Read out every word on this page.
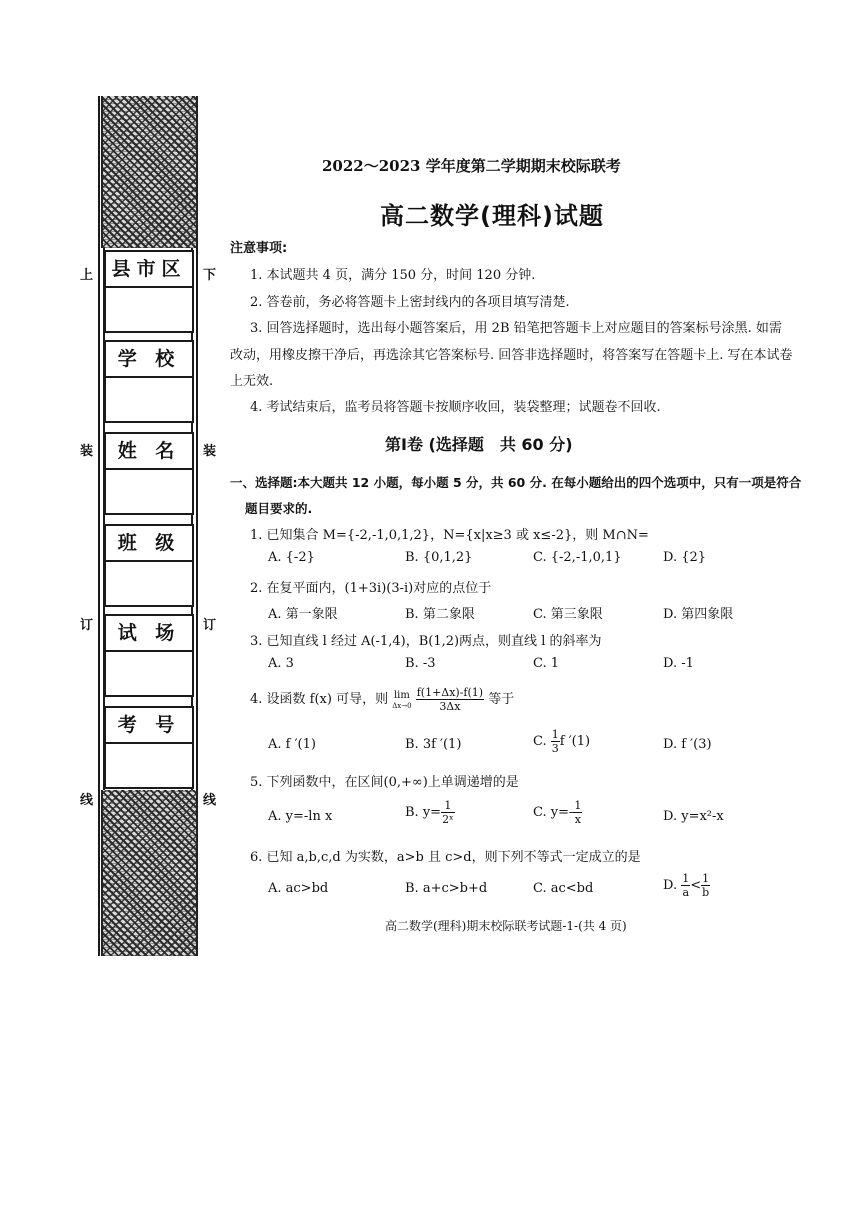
县市区
学 校
姓 名
班 级
试 场
考 号
上	下
装	装
订	订
线	线
2022～2023 学年度第二学期期末校际联考
高二数学(理科)试题
注意事项:
1. 本试题共 4 页，满分 150 分，时间 120 分钟.
2. 答卷前，务必将答题卡上密封线内的各项目填写清楚.
3. 回答选择题时，选出每小题答案后，用 2B 铅笔把答题卡上对应题目的答案标号涂黑. 如需
改动，用橡皮擦干净后，再选涂其它答案标号. 回答非选择题时，将答案写在答题卡上. 写在本试卷
上无效.
4. 考试结束后，监考员将答题卡按顺序收回，装袋整理；试题卷不回收.
第Ⅰ卷 (选择题　共 60 分)
一、选择题:本大题共 12 小题，每小题 5 分，共 60 分. 在每小题给出的四个选项中，只有一项是符合
题目要求的.
1. 已知集合 M={-2,-1,0,1,2}，N={x|x≥3 或 x≤-2}，则 M∩N=
A. {-2}	B. {0,1,2}	C. {-2,-1,0,1}	D. {2}
2. 在复平面内，(1+3i)(3-i)对应的点位于
A. 第一象限	B. 第二象限	C. 第三象限	D. 第四象限
3. 已知直线 l 经过 A(-1,4)，B(1,2)两点，则直线 l 的斜率为
A. 3	B. -3	C. 1	D. -1
4. 设函数 f(x) 可导，则 lim
Δx→0
$\frac{f(1+\Delta x)-f(1)}{3\Delta x}$ 等于
A. f ′(1)	B. 3f ′(1)	C. $\frac{1}{3}$ f ′(1)	D. f ′(3)
5. 下列函数中，在区间(0,+∞)上单调递增的是
A. y=-ln x	B. $y= \frac{1}{\text{2ˣ}}$	C. $y=- \frac{1}{x}$	D. y=x²-x
6. 已知 a,b,c,d 为实数，a>b 且 c>d，则下列不等式一定成立的是
A. ac>bd	B. a+c>b+d	C. ac<bd	D. $\frac{1}{a} < \frac{1}{b}$
高二数学(理科)期末校际联考试题-1-(共 4 页)
